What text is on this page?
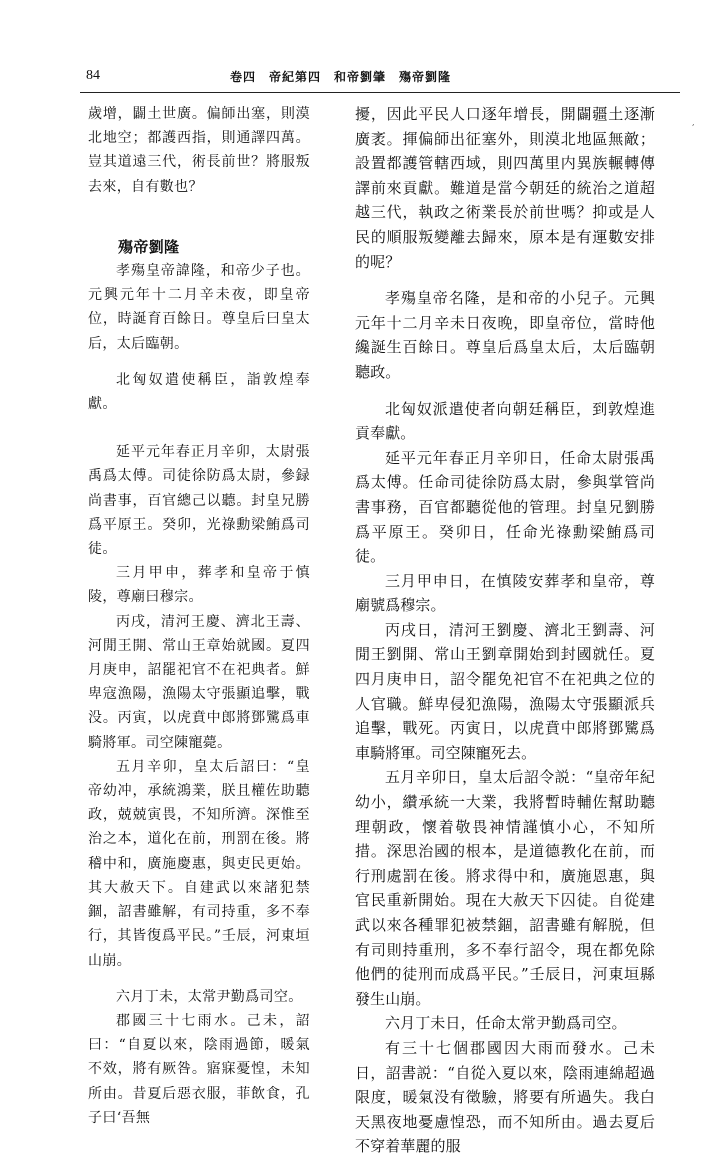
84	卷四　帝紀第四　和帝劉肇　殤帝劉隆
,

歲增，闢土世廣。偏師出塞，則漠北地空；都護西指，則通譯四萬。豈其道遠三代，術長前世？將服叛去來，自有數也？

殤帝劉隆

孝殤皇帝諱隆，和帝少子也。元興元年十二月辛未夜，即皇帝位，時誕育百餘日。尊皇后曰皇太后，太后臨朝。

北匈奴遣使稱臣，詣敦煌奉獻。

延平元年春正月辛卯，太尉張禹爲太傅。司徒徐防爲太尉，參録尚書事，百官總己以聽。封皇兄勝爲平原王。癸卯，光祿勳梁鮪爲司徒。

三月甲申，葬孝和皇帝于慎陵，尊廟曰穆宗。

丙戌，清河王慶、濟北王壽、河閒王開、常山王章始就國。夏四月庚申，詔罷祀官不在祀典者。鮮卑寇漁陽，漁陽太守張顯追擊，戰没。丙寅，以虎賁中郎將鄧騭爲車騎將軍。司空陳寵薨。

五月辛卯，皇太后詔曰：“皇帝幼冲，承統鴻業，朕且權佐助聽政，兢兢寅畏，不知所濟。深惟至治之本，道化在前，刑罰在後。將稽中和，廣施慶惠，與吏民更始。其大赦天下。自建武以來諸犯禁錮，詔書雖解，有司持重，多不奉行，其皆復爲平民。”壬辰，河東垣山崩。

六月丁未，太常尹勤爲司空。

郡國三十七雨水。己未，詔曰：“自夏以來，陰雨過節，暖氣不效，將有厥咎。寤寐憂惶，未知所由。昔夏后惡衣服，菲飲食，孔子曰‘吾無

擾，因此平民人口逐年增長，開闢疆土逐漸廣袤。揮偏師出征塞外，則漠北地區無敵；設置都護管轄西域，則四萬里内異族輾轉傳譯前來貢獻。難道是當今朝廷的統治之道超越三代，執政之術業長於前世嗎？抑或是人民的順服叛變離去歸來，原本是有運數安排的呢？

孝殤皇帝名隆，是和帝的小兒子。元興元年十二月辛未日夜晚，即皇帝位，當時他纔誕生百餘日。尊皇后爲皇太后，太后臨朝聽政。

北匈奴派遣使者向朝廷稱臣，到敦煌進貢奉獻。

延平元年春正月辛卯日，任命太尉張禹爲太傅。任命司徒徐防爲太尉，參與掌管尚書事務，百官都聽從他的管理。封皇兄劉勝爲平原王。癸卯日，任命光祿勳梁鮪爲司徒。

三月甲申日，在慎陵安葬孝和皇帝，尊廟號爲穆宗。

丙戌日，清河王劉慶、濟北王劉壽、河閒王劉開、常山王劉章開始到封國就任。夏四月庚申日，詔令罷免祀官不在祀典之位的人官職。鮮卑侵犯漁陽，漁陽太守張顯派兵追擊，戰死。丙寅日，以虎賁中郎將鄧騭爲車騎將軍。司空陳寵死去。

五月辛卯日，皇太后詔令説：“皇帝年紀幼小，纘承統一大業，我將暫時輔佐幫助聽理朝政，懷着敬畏神情謹慎小心，不知所措。深思治國的根本，是道德教化在前，而行刑處罰在後。將求得中和，廣施恩惠，與官民重新開始。現在大赦天下囚徒。自從建武以來各種罪犯被禁錮，詔書雖有解脱，但有司則持重刑，多不奉行詔令，現在都免除他們的徒刑而成爲平民。”壬辰日，河東垣縣發生山崩。

六月丁未日，任命太常尹勤爲司空。

有三十七個郡國因大雨而發水。己未日，詔書説：“自從入夏以來，陰雨連綿超過限度，暖氣没有徵驗，將要有所過失。我白天黑夜地憂慮惶恐，而不知所由。過去夏后不穿着華麗的服
